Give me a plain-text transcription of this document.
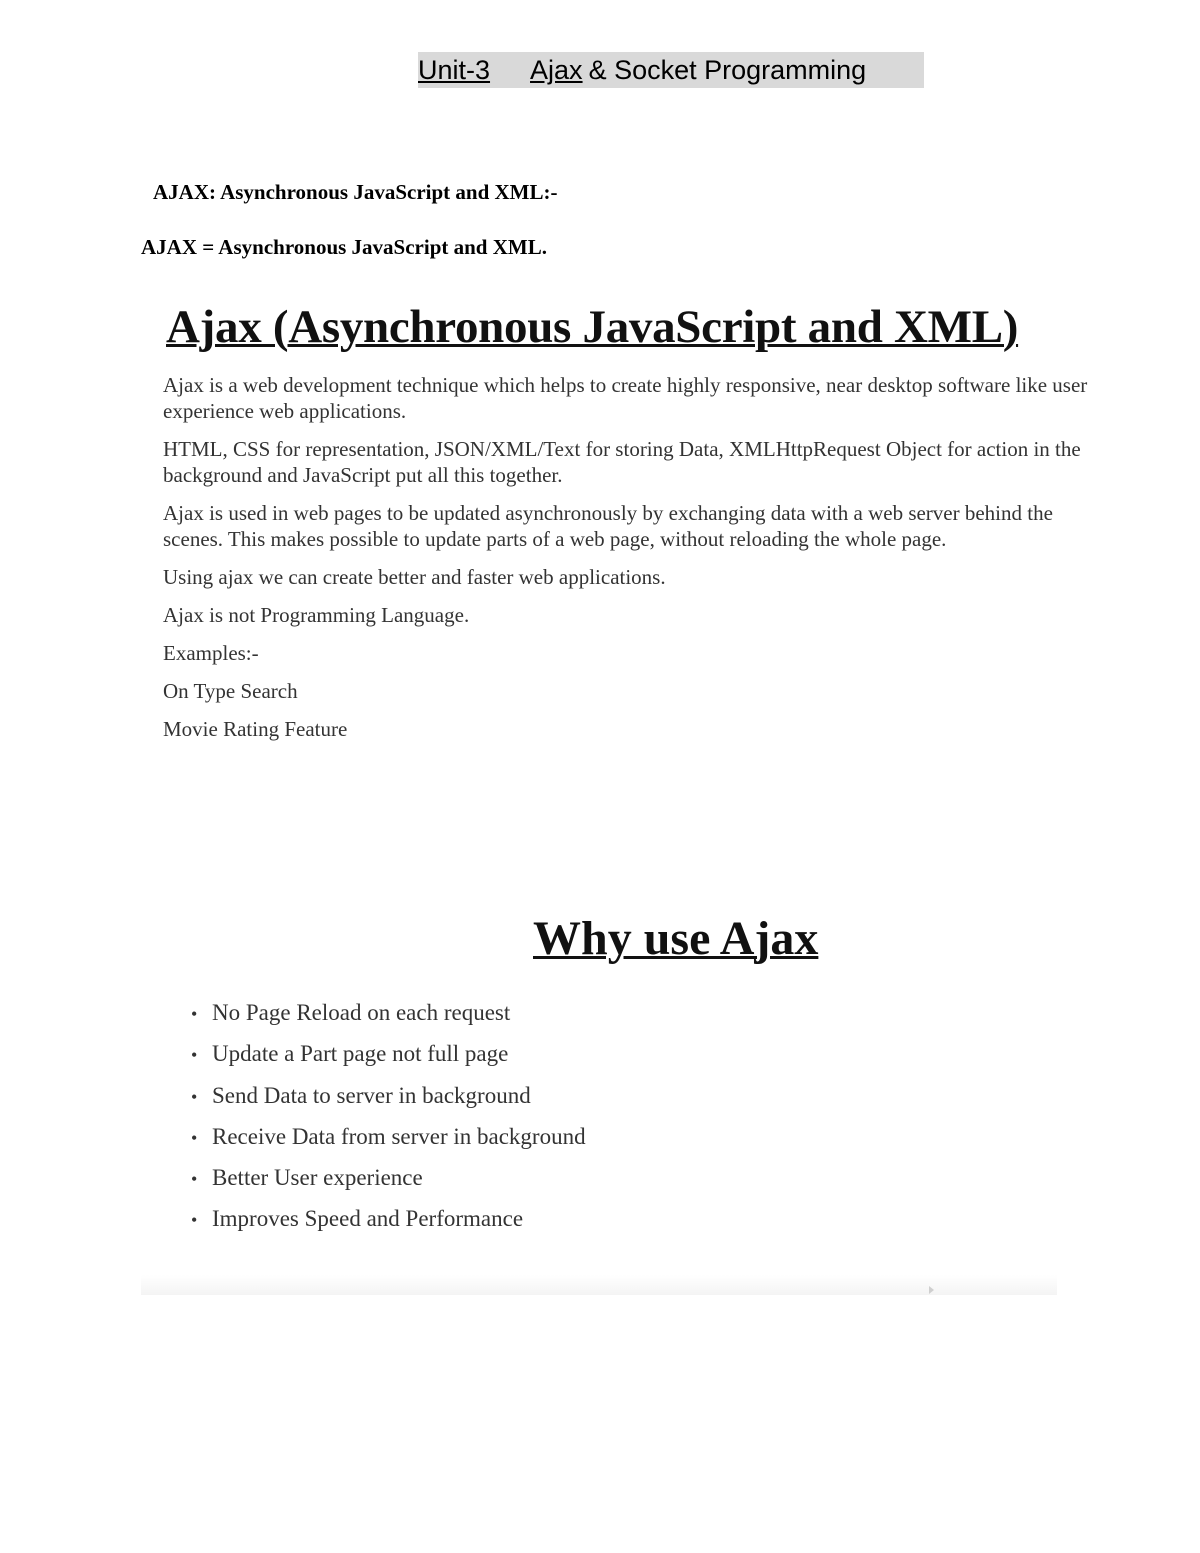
Unit-3 Ajax & Socket Programming
AJAX: Asynchronous JavaScript and XML:-
AJAX = Asynchronous JavaScript and XML.
Ajax (Asynchronous JavaScript and XML)

Ajax is a web development technique which helps to create highly responsive, near desktop software like user experience web applications.

HTML, CSS for representation, JSON/XML/Text for storing Data, XMLHttpRequest Object for action in the background and JavaScript put all this together.

Ajax is used in web pages to be updated asynchronously by exchanging data with a web server behind the scenes. This makes possible to update parts of a web page, without reloading the whole page.

Using ajax we can create better and faster web applications.

Ajax is not Programming Language.

Examples:-

On Type Search

Movie Rating Feature

Why use Ajax
• No Page Reload on each request
• Update a Part page not full page
• Send Data to server in background
• Receive Data from server in background
• Better User experience
• Improves Speed and Performance
